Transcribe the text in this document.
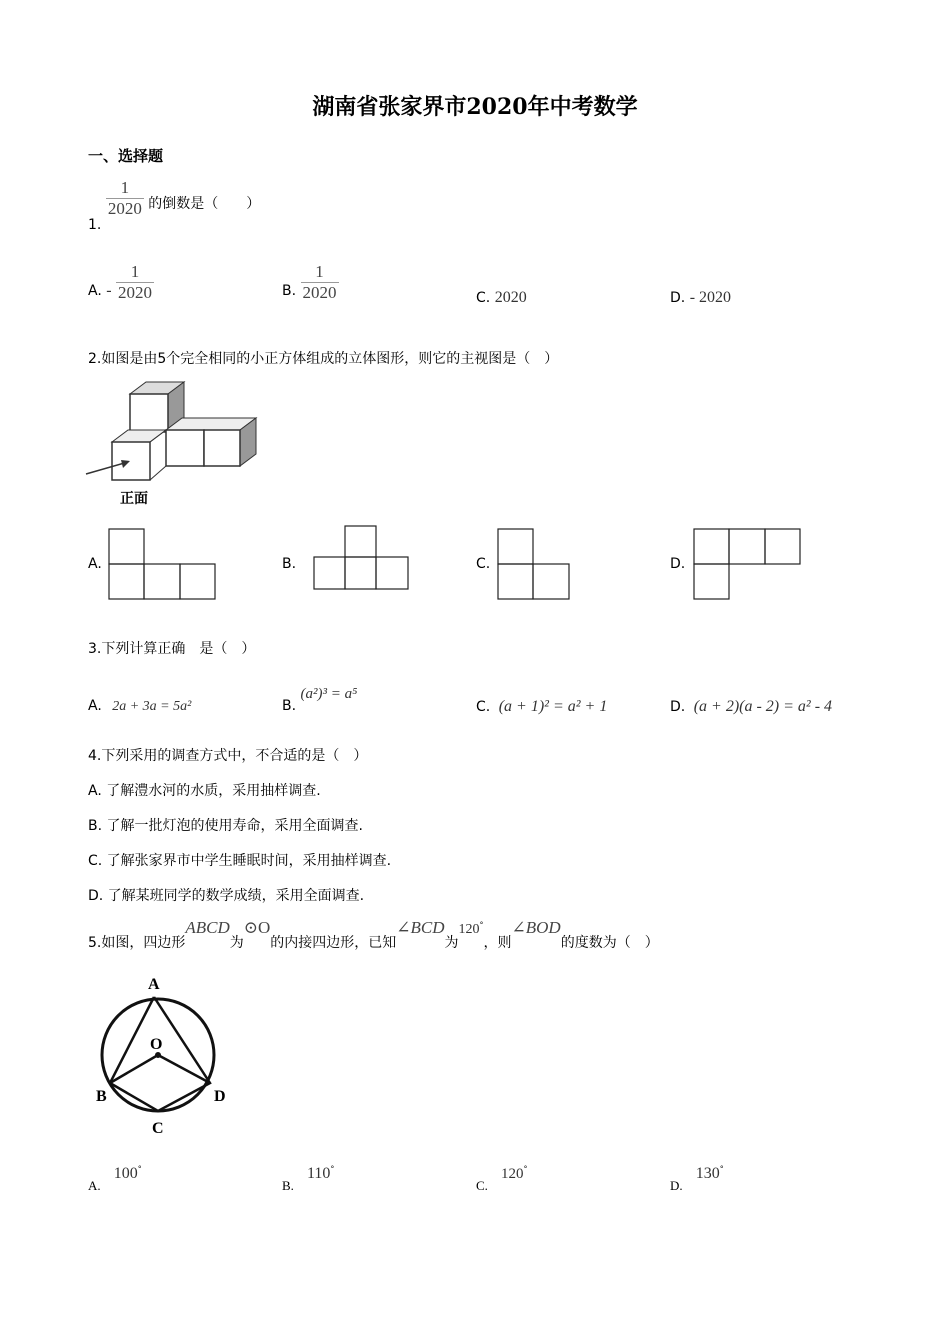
湖南省张家界市2020年中考数学
一、选择题
1.
$\frac{1}{2020}$ 的倒数是（　　）
A. - $\frac{1}{2020}$	B. $\frac{1}{2020}$	C. 2020	D. - 2020
2.如图是由5个完全相同的小正方体组成的立体图形，则它的主视图是（　）
正面
A.	B.	C.	D.
3.下列计算正确　是（　）
A. 2a + 3a = 5a²	B. (a²)³ = a⁵
C. (a + 1)² = a² + 1	D. (a + 2)(a - 2) = a² - 4
4.下列采用的调查方式中，不合适的是（　）
A. 了解澧水河的水质，采用抽样调查.
B. 了解一批灯泡的使用寿命，采用全面调查.
C. 了解张家界市中学生睡眠时间，采用抽样调查.
D. 了解某班同学的数学成绩，采用全面调查.
5.如图，四边形ABCD为⊙O的内接四边形，已知∠BCD为120°，则∠BOD的度数为（　）
A
O
B	D
C
$_{A.}$ 100°
$_{B.}$ 110°
$_{C.}$ 120°
$_{D.}$ 130°
